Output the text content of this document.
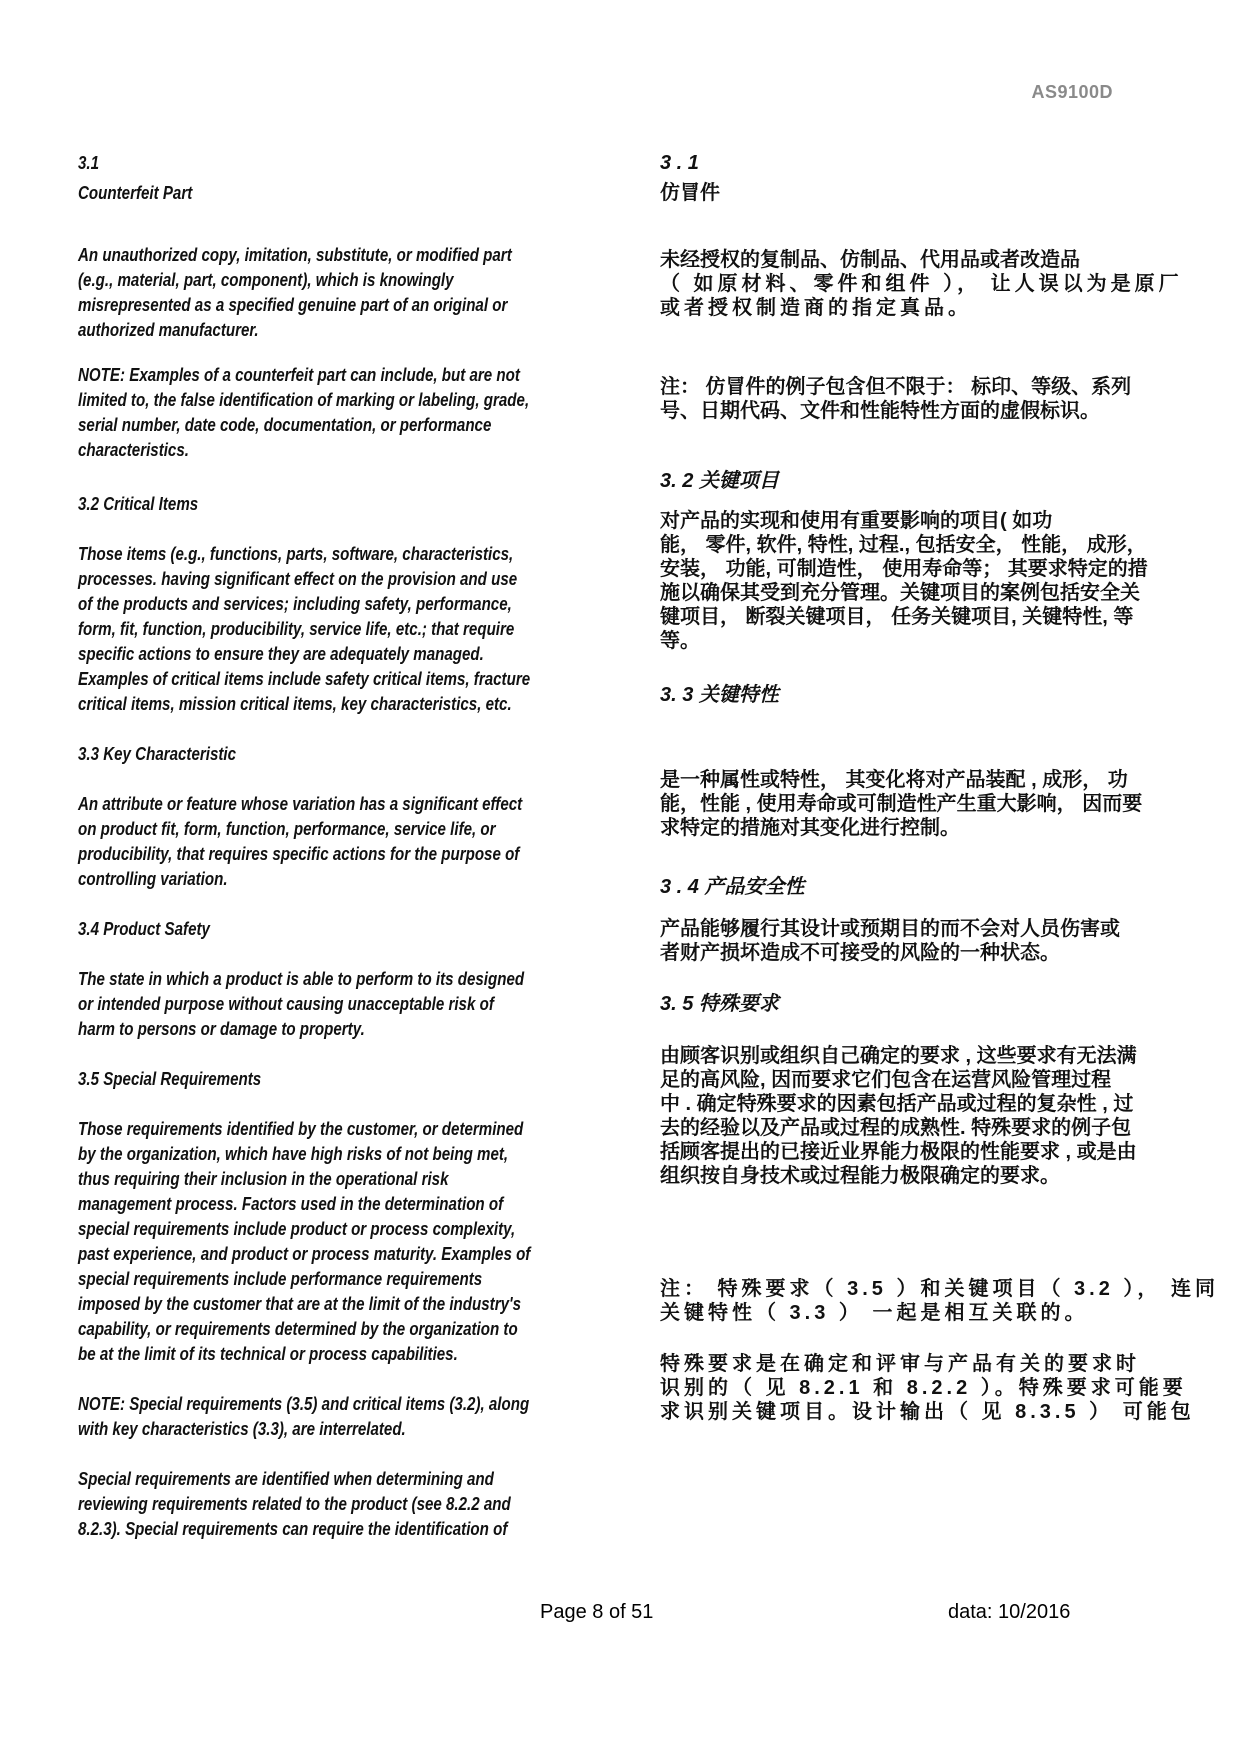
AS9100D
3.1
Counterfeit Part
An unauthorized copy, imitation, substitute, or modified part
(e.g., material, part, component), which is knowingly
misrepresented as a specified genuine part of an original or
authorized manufacturer.
NOTE: Examples of a counterfeit part can include, but are not
limited to, the false identification of marking or labeling, grade,
serial number, date code, documentation, or performance
characteristics.
3.2 Critical Items
Those items (e.g., functions, parts, software, characteristics,
processes. having significant effect on the provision and use
of the products and services; including safety, performance,
form, fit, function, producibility, service life, etc.; that require
specific actions to ensure they are adequately managed.
Examples of critical items include safety critical items, fracture
critical items, mission critical items, key characteristics, etc.
3.3 Key Characteristic
An attribute or feature whose variation has a significant effect
on product fit, form, function, performance, service life, or
producibility, that requires specific actions for the purpose of
controlling variation.
3.4 Product Safety
The state in which a product is able to perform to its designed
or intended purpose without causing unacceptable risk of
harm to persons or damage to property.
3.5 Special Requirements
Those requirements identified by the customer, or determined
by the organization, which have high risks of not being met,
thus requiring their inclusion in the operational risk
management process. Factors used in the determination of
special requirements include product or process complexity,
past experience, and product or process maturity. Examples of
special requirements include performance requirements
imposed by the customer that are at the limit of the industry's
capability, or requirements determined by the organization to
be at the limit of its technical or process capabilities.
NOTE: Special requirements (3.5) and critical items (3.2), along
with key characteristics (3.3), are interrelated.
Special requirements are identified when determining and
reviewing requirements related to the product (see 8.2.2 and
8.2.3). Special requirements can require the identification of
3 . 1
仿冒件
未经授权的复制品、仿制品、代用品或者改造品
（ 如原材料、零件和组件 ）， 让人误以为是原厂
或者授权制造商的指定真品。
注： 仿冒件的例子包含但不限于： 标印、等级、系列
号、日期代码、文件和性能特性方面的虚假标识。
3. 2 关键项目
对产品的实现和使用有重要影响的项目( 如功
能， 零件, 软件, 特性, 过程., 包括安全， 性能， 成形，
安装， 功能, 可制造性， 使用寿命等； 其要求特定的措
施以确保其受到充分管理。关键项目的案例包括安全关
键项目， 断裂关键项目， 任务关键项目, 关键特性, 等
等。
3. 3 关键特性
是一种属性或特性， 其变化将对产品装配 , 成形， 功
能，性能 , 使用寿命或可制造性产生重大影响， 因而要
求特定的措施对其变化进行控制。
3 . 4 产品安全性
产品能够履行其设计或预期目的而不会对人员伤害或
者财产损坏造成不可接受的风险的一种状态。
3. 5 特殊要求
由顾客识别或组织自己确定的要求 , 这些要求有无法满
足的高风险, 因而要求它们包含在运营风险管理过程
中 . 确定特殊要求的因素包括产品或过程的复杂性 , 过
去的经验以及产品或过程的成熟性. 特殊要求的例子包
括顾客提出的已接近业界能力极限的性能要求 , 或是由
组织按自身技术或过程能力极限确定的要求。
注： 特殊要求（ 3.5 ）和关键项目（ 3.2 ）， 连同
关键特性（ 3.3 ） 一起是相互关联的。
特殊要求是在确定和评审与产品有关的要求时
识别的（ 见 8.2.1 和 8.2.2 ）。特殊要求可能要
求识别关键项目。设计输出（ 见 8.3.5 ） 可能包
Page 8 of 51	data: 10/2016
